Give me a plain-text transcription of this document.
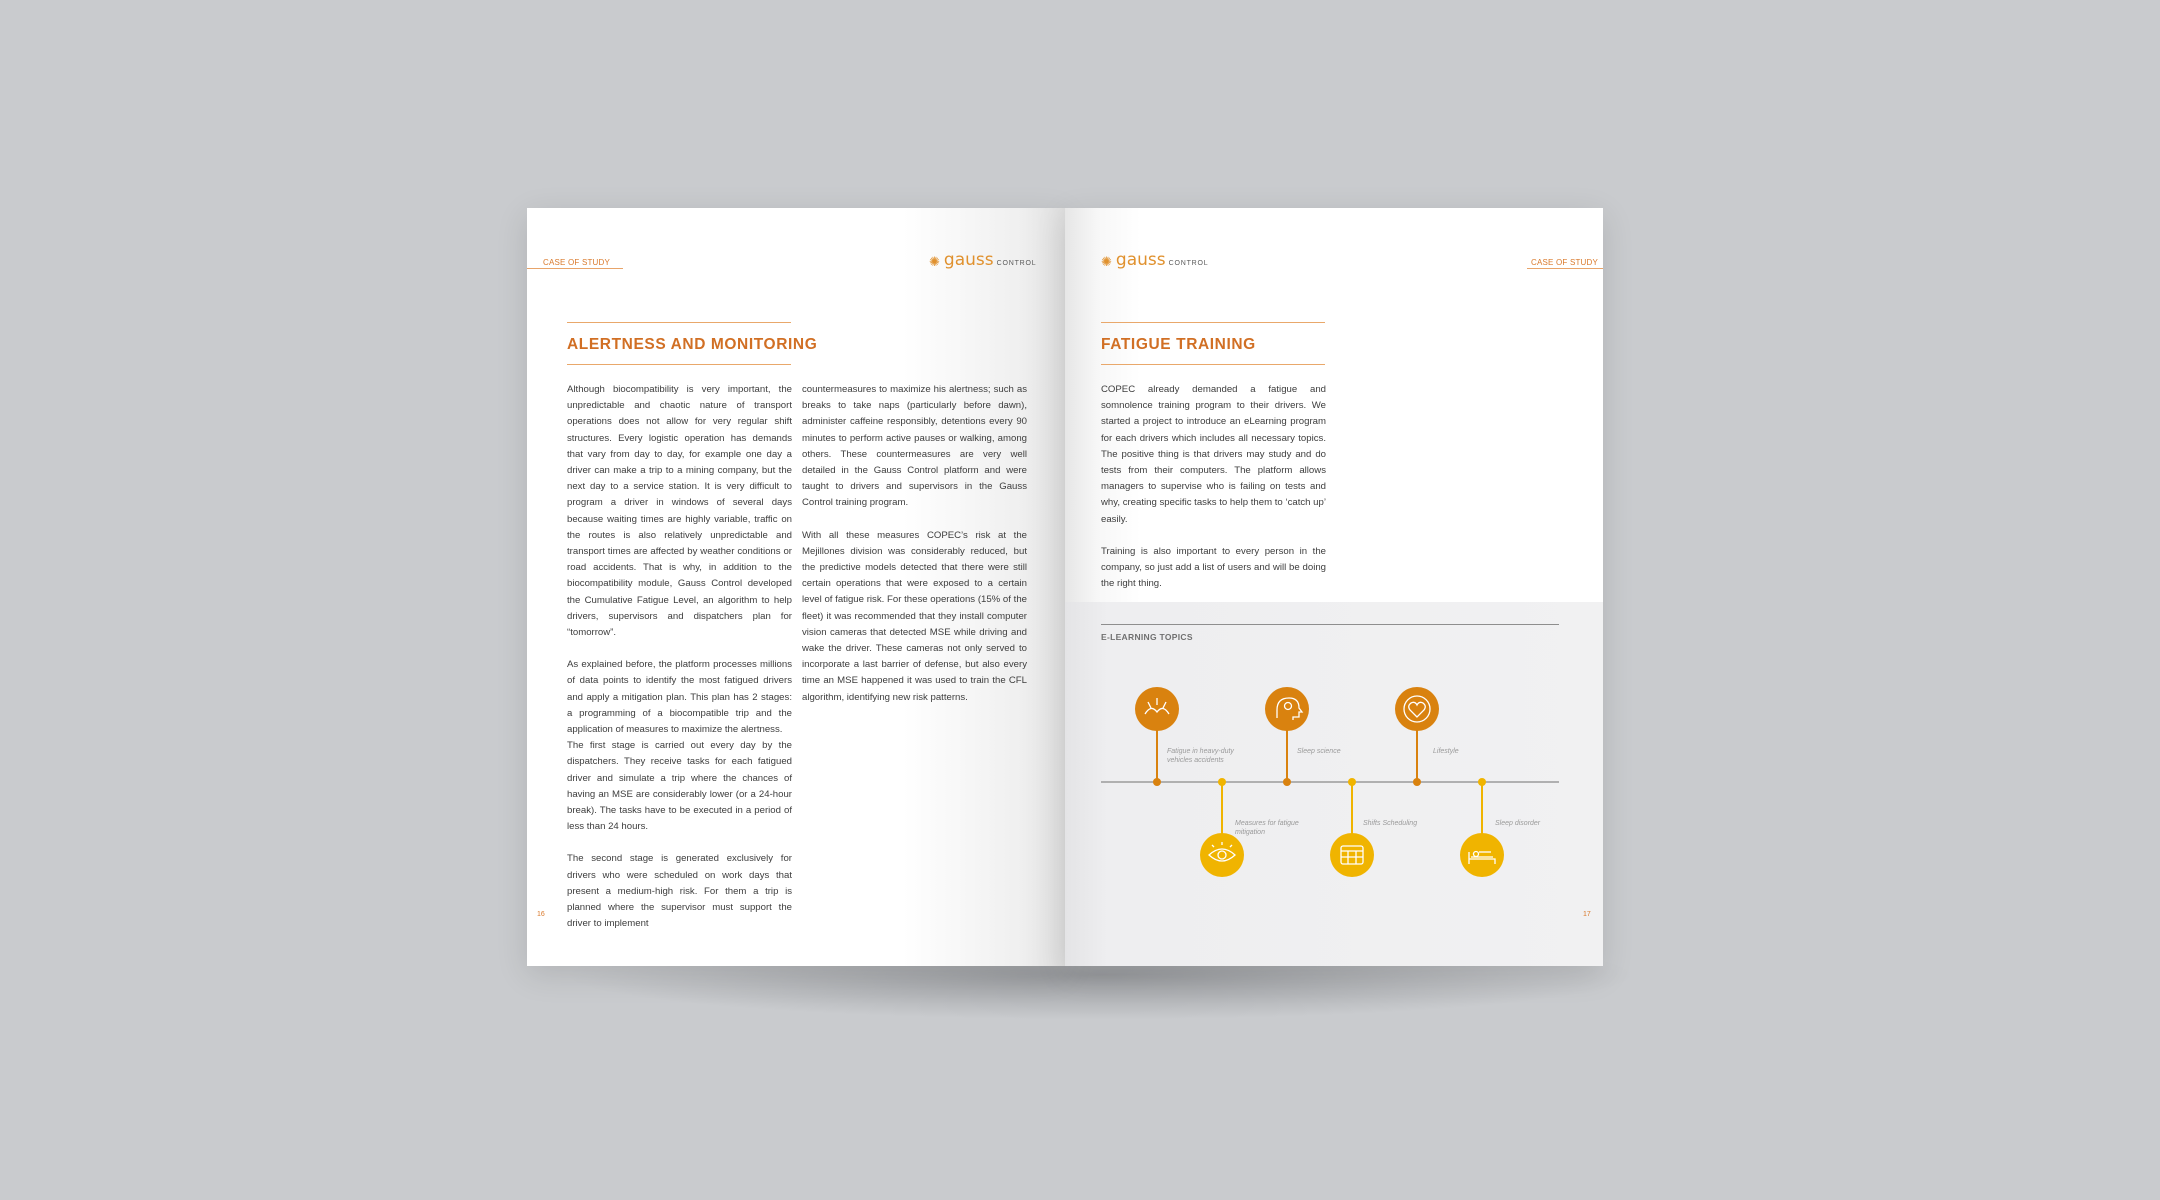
CASE OF STUDY	✺ gauss CONTROL
ALERTNESS AND MONITORING

Although biocompatibility is very important, the unpredictable and chaotic nature of transport operations does not allow for very regular shift structures. Every logistic operation has demands that vary from day to day, for example one day a driver can make a trip to a mining company, but the next day to a service station. It is very difficult to program a driver in windows of several days because waiting times are highly variable, traffic on the routes is also relatively unpredictable and transport times are affected by weather conditions or road accidents. That is why, in addition to the biocompatibility module, Gauss Control developed the Cumulative Fatigue Level, an algorithm to help drivers, supervisors and dispatchers plan for “tomorrow”.

As explained before, the platform processes millions of data points to identify the most fatigued drivers and apply a mitigation plan. This plan has 2 stages: a programming of a biocompatible trip and the application of measures to maximize the alertness.

The first stage is carried out every day by the dispatchers. They receive tasks for each fatigued driver and simulate a trip where the chances of having an MSE are considerably lower (or a 24-hour break). The tasks have to be executed in a period of less than 24 hours.

The second stage is generated exclusively for drivers who were scheduled on work days that present a medium-high risk. For them a trip is planned where the supervisor must support the driver to implement

countermeasures to maximize his alertness; such as breaks to take naps (particularly before dawn), administer caffeine responsibly, detentions every 90 minutes to perform active pauses or walking, among others. These countermeasures are very well detailed in the Gauss Control platform and were taught to drivers and supervisors in the Gauss Control training program.

With all these measures COPEC’s risk at the Mejillones division was considerably reduced, but the predictive models detected that there were still certain operations that were exposed to a certain level of fatigue risk. For these operations (15% of the fleet) it was recommended that they install computer vision cameras that detected MSE while driving and wake the driver. These cameras not only served to incorporate a last barrier of defense, but also every time an MSE happened it was used to train the CFL algorithm, identifying new risk patterns.

16
✺ gauss CONTROL	CASE OF STUDY
FATIGUE TRAINING

COPEC already demanded a fatigue and somnolence training program to their drivers. We started a project to introduce an eLearning program for each drivers which includes all necessary topics. The positive thing is that drivers may study and do tests from their computers. The platform allows managers to supervise who is failing on tests and why, creating specific tasks to help them to ‘catch up’ easily.

Training is also important to every person in the company, so just add a list of users and will be doing the right thing.

E-LEARNING TOPICS
Fatigue in heavy-duty
vehicles accidents
Sleep science	Lifestyle
Measures for fatigue
mitigation
Shifts Scheduling	Sleep disorder
17
